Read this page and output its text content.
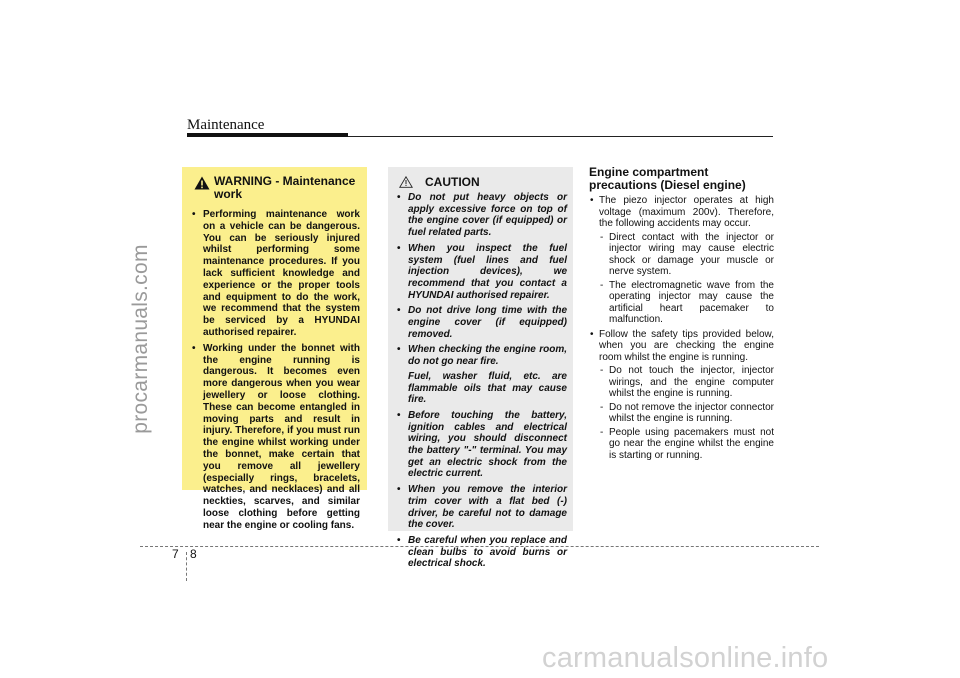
procarmanuals.com
Maintenance
WARNING - Maintenance work
• Performing maintenance work on a vehicle can be dangerous. You can be seriously injured whilst performing some maintenance procedures. If you lack sufficient knowledge and experience or the proper tools and equipment to do the work, we recommend that the system be serviced by a HYUNDAI authorised repairer.
• Working under the bonnet with the engine running is dangerous. It becomes even more dangerous when you wear jewellery or loose clothing. These can become entangled in moving parts and result in injury. Therefore, if you must run the engine whilst working under the bonnet, make certain that you remove all jewellery (especially rings, bracelets, watches, and necklaces) and all neckties, scarves, and similar loose clothing before getting near the engine or cooling fans.
CAUTION
• Do not put heavy objects or apply excessive force on top of the engine cover (if equipped) or fuel related parts.
• When you inspect the fuel system (fuel lines and fuel injection devices), we recommend that you contact a HYUNDAI authorised repairer.
• Do not drive long time with the engine cover (if equipped) removed.
• When checking the engine room, do not go near fire.
Fuel, washer fluid, etc. are flammable oils that may cause fire.
• Before touching the battery, ignition cables and electrical wiring, you should disconnect the battery "-" terminal. You may get an electric shock from the electric current.
• When you remove the interior trim cover with a flat bed (-) driver, be careful not to damage the cover.
• Be careful when you replace and clean bulbs to avoid burns or electrical shock.
Engine compartment precautions (Diesel engine)
• The piezo injector operates at high voltage (maximum 200v). Therefore, the following accidents may occur.
- Direct contact with the injector or injector wiring may cause electric shock or damage your muscle or nerve system.
- The electromagnetic wave from the operating injector may cause the artificial heart pacemaker to malfunction.
• Follow the safety tips provided below, when you are checking the engine room whilst the engine is running.
- Do not touch the injector, injector wirings, and the engine computer whilst the engine is running.
- Do not remove the injector connector whilst the engine is running.
- People using pacemakers must not go near the engine whilst the engine is starting or running.
7 8
carmanualsonline.info
